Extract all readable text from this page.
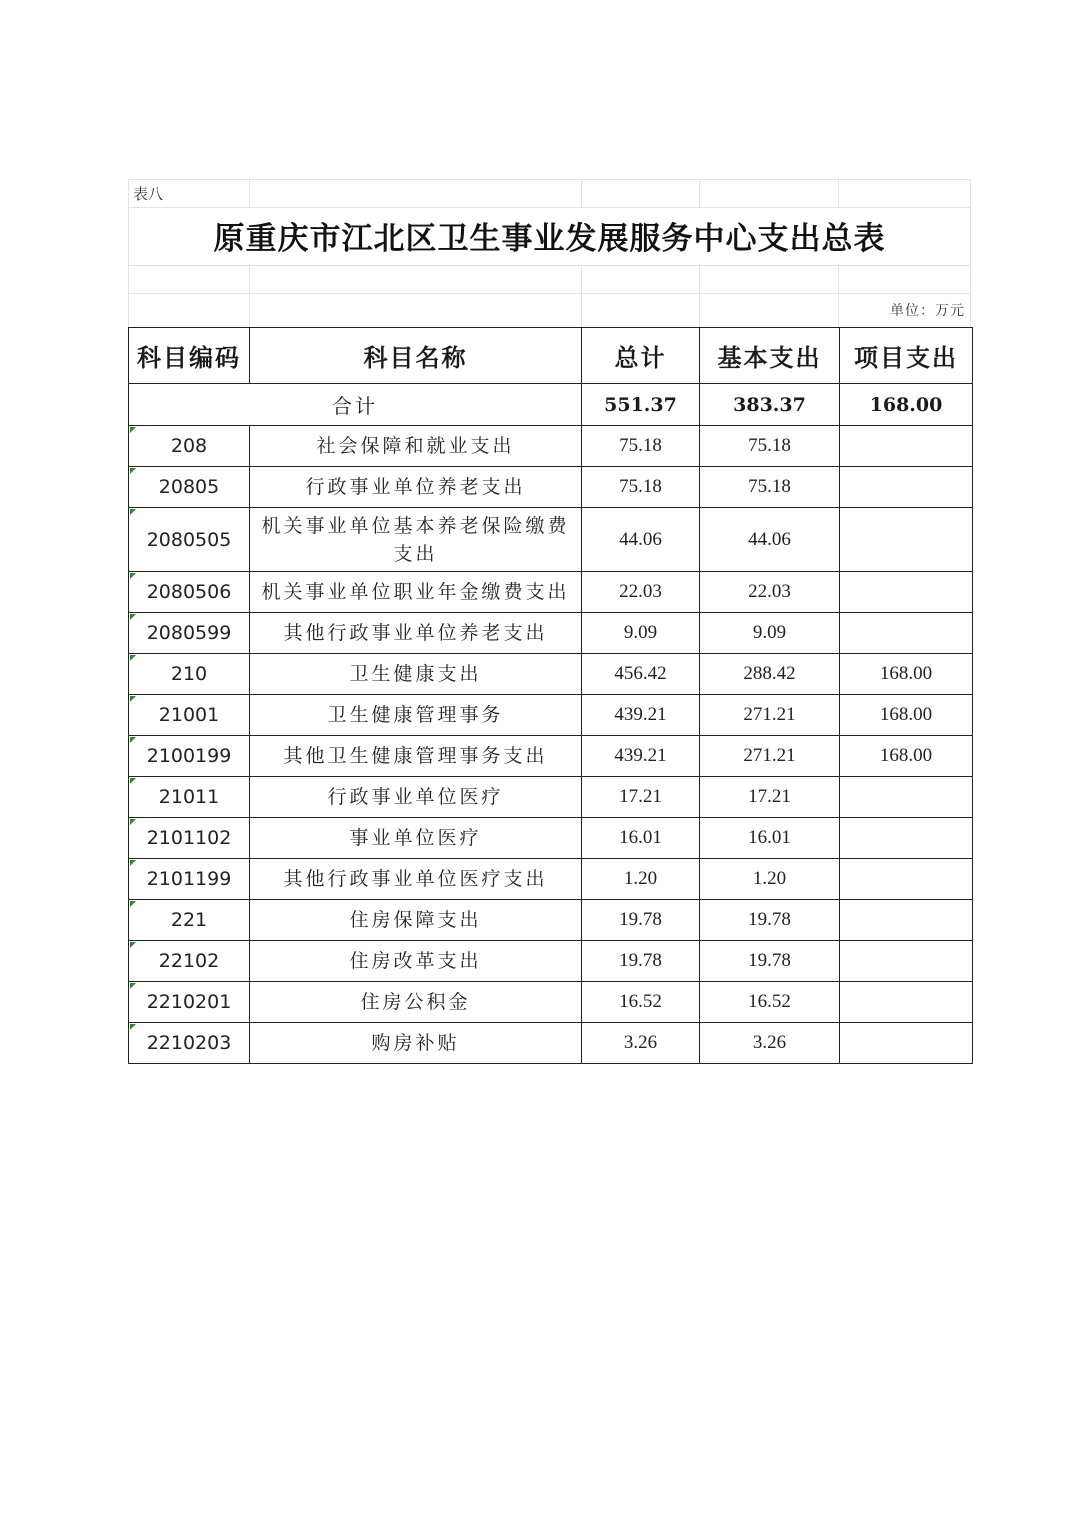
表八
原重庆市江北区卫生事业发展服务中心支出总表
单位：万元
科目编码	科目名称	总计	基本支出	项目支出
合计		551.37	383.37	168.00

208	社会保障和就业支出	75.18	75.18	

20805	行政事业单位养老支出	75.18	75.18	

2080505	机关事业单位基本养老保险缴费支出	44.06	44.06	

2080506	机关事业单位职业年金缴费支出	22.03	22.03	

2080599	其他行政事业单位养老支出	9.09	9.09	

210	卫生健康支出	456.42	288.42	168.00

21001	卫生健康管理事务	439.21	271.21	168.00

2100199	其他卫生健康管理事务支出	439.21	271.21	168.00

21011	行政事业单位医疗	17.21	17.21	

2101102	事业单位医疗	16.01	16.01	

2101199	其他行政事业单位医疗支出	1.20	1.20	

221	住房保障支出	19.78	19.78	

22102	住房改革支出	19.78	19.78	

2210201	住房公积金	16.52	16.52	

2210203	购房补贴	3.26	3.26	
